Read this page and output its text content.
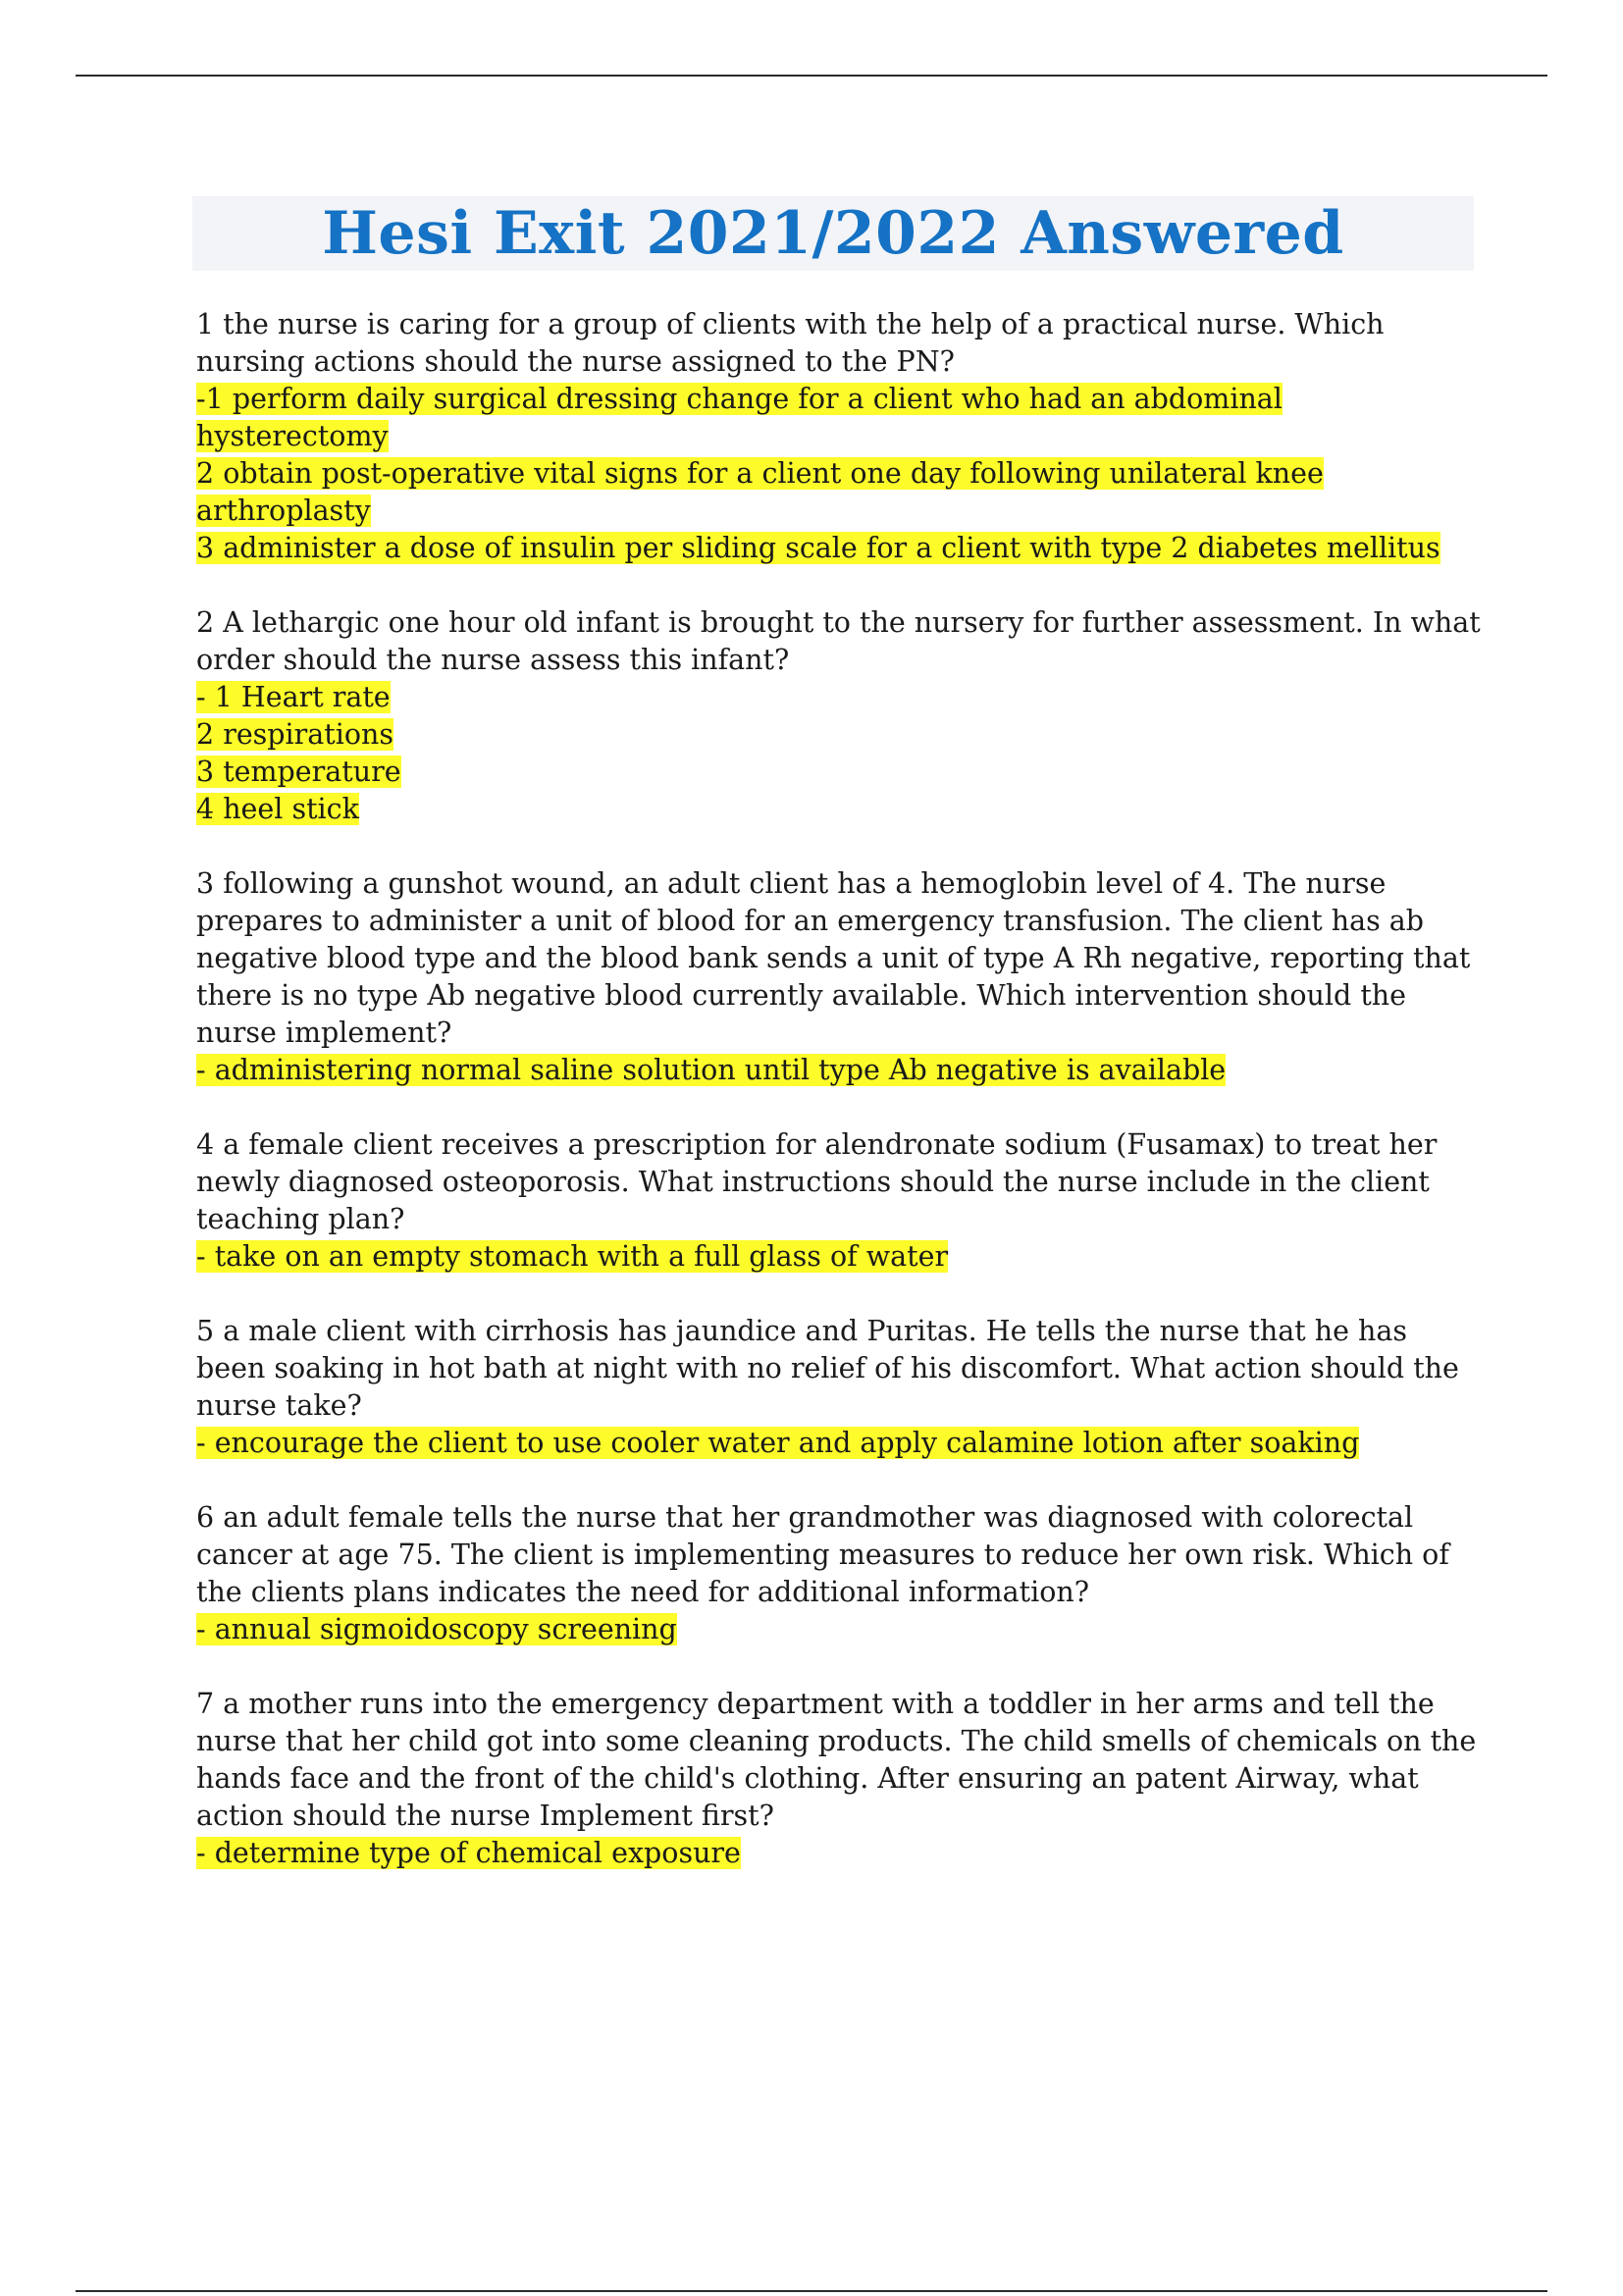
Hesi Exit 2021/2022 Answered
1 the nurse is caring for a group of clients with the help of a practical nurse. Which nursing actions should the nurse assigned to the PN?
-1 perform daily surgical dressing change for a client who had an abdominal hysterectomy
2 obtain post-operative vital signs for a client one day following unilateral knee arthroplasty
3 administer a dose of insulin per sliding scale for a client with type 2 diabetes mellitus
2 A lethargic one hour old infant is brought to the nursery for further assessment. In what order should the nurse assess this infant?
- 1 Heart rate
2 respirations
3 temperature
4 heel stick
3 following a gunshot wound, an adult client has a hemoglobin level of 4. The nurse prepares to administer a unit of blood for an emergency transfusion. The client has ab negative blood type and the blood bank sends a unit of type A Rh negative, reporting that there is no type Ab negative blood currently available. Which intervention should the nurse implement?
- administering normal saline solution until type Ab negative is available
4 a female client receives a prescription for alendronate sodium (Fusamax) to treat her newly diagnosed osteoporosis. What instructions should the nurse include in the client teaching plan?
- take on an empty stomach with a full glass of water
5 a male client with cirrhosis has jaundice and Puritas. He tells the nurse that he has been soaking in hot bath at night with no relief of his discomfort. What action should the nurse take?
- encourage the client to use cooler water and apply calamine lotion after soaking
6 an adult female tells the nurse that her grandmother was diagnosed with colorectal cancer at age 75. The client is implementing measures to reduce her own risk. Which of the clients plans indicates the need for additional information?
- annual sigmoidoscopy screening
7 a mother runs into the emergency department with a toddler in her arms and tell the nurse that her child got into some cleaning products. The child smells of chemicals on the hands face and the front of the child's clothing. After ensuring an patent Airway, what action should the nurse Implement first?
- determine type of chemical exposure
